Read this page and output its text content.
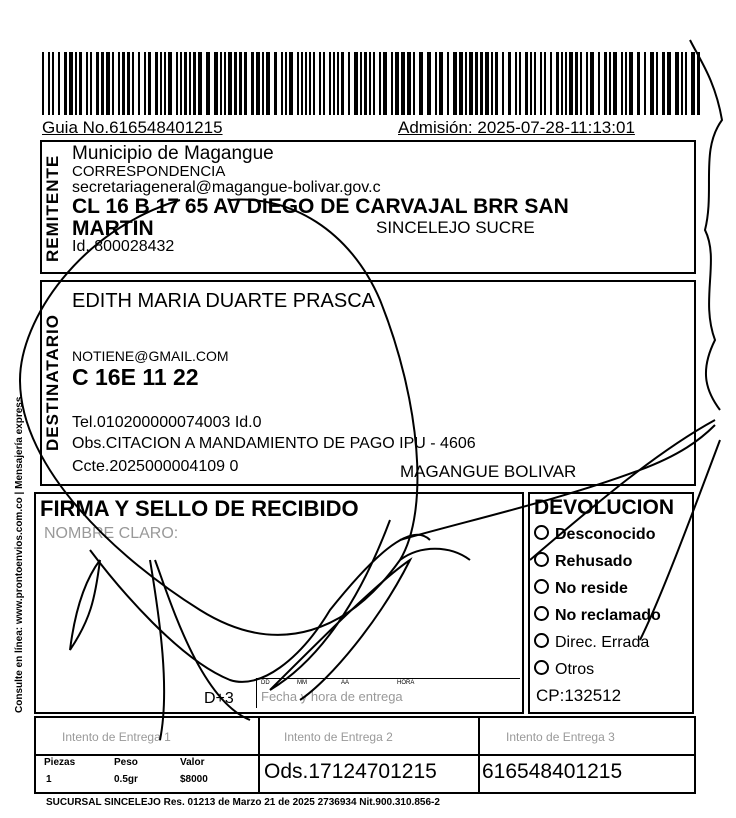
Guia No.616548401215	Admisión: 2025-07-28-11:13:01
Consulte en línea: www.prontoenvios.com.co | Mensajería express
REMITENTE
Municipio de Magangue
CORRESPONDENCIA
secretariageneral@magangue-bolivar.gov.c
CL 16 B 17 65 AV DIEGO DE CARVAJAL BRR SAN
MARTIN	SINCELEJO SUCRE
Id. 800028432
DESTINATARIO
EDITH MARIA DUARTE PRASCA
NOTIENE@GMAIL.COM
C 16E 11 22
Tel.010200000074003 Id.0
Obs.CITACION A MANDAMIENTO DE PAGO IPU - 4606
Ccte.2025000004109 0	MAGANGUE BOLIVAR
FIRMA Y SELLO DE RECIBIDO
NOMBRE CLARO:
D+3
DD	MM	AA	HORA
Fecha y hora de entrega
DEVOLUCION
Desconocido
Rehusado
No reside
No reclamado
Direc. Errada
Otros
CP:132512
Intento de Entrega 1	Intento de Entrega 2	Intento de Entrega 3
Piezas	Peso	Valor
1	0.5gr	$8000	Ods.17124701215 616548401215
SUCURSAL SINCELEJO Res. 01213 de Marzo 21 de 2025 2736934 Nit.900.310.856-2
